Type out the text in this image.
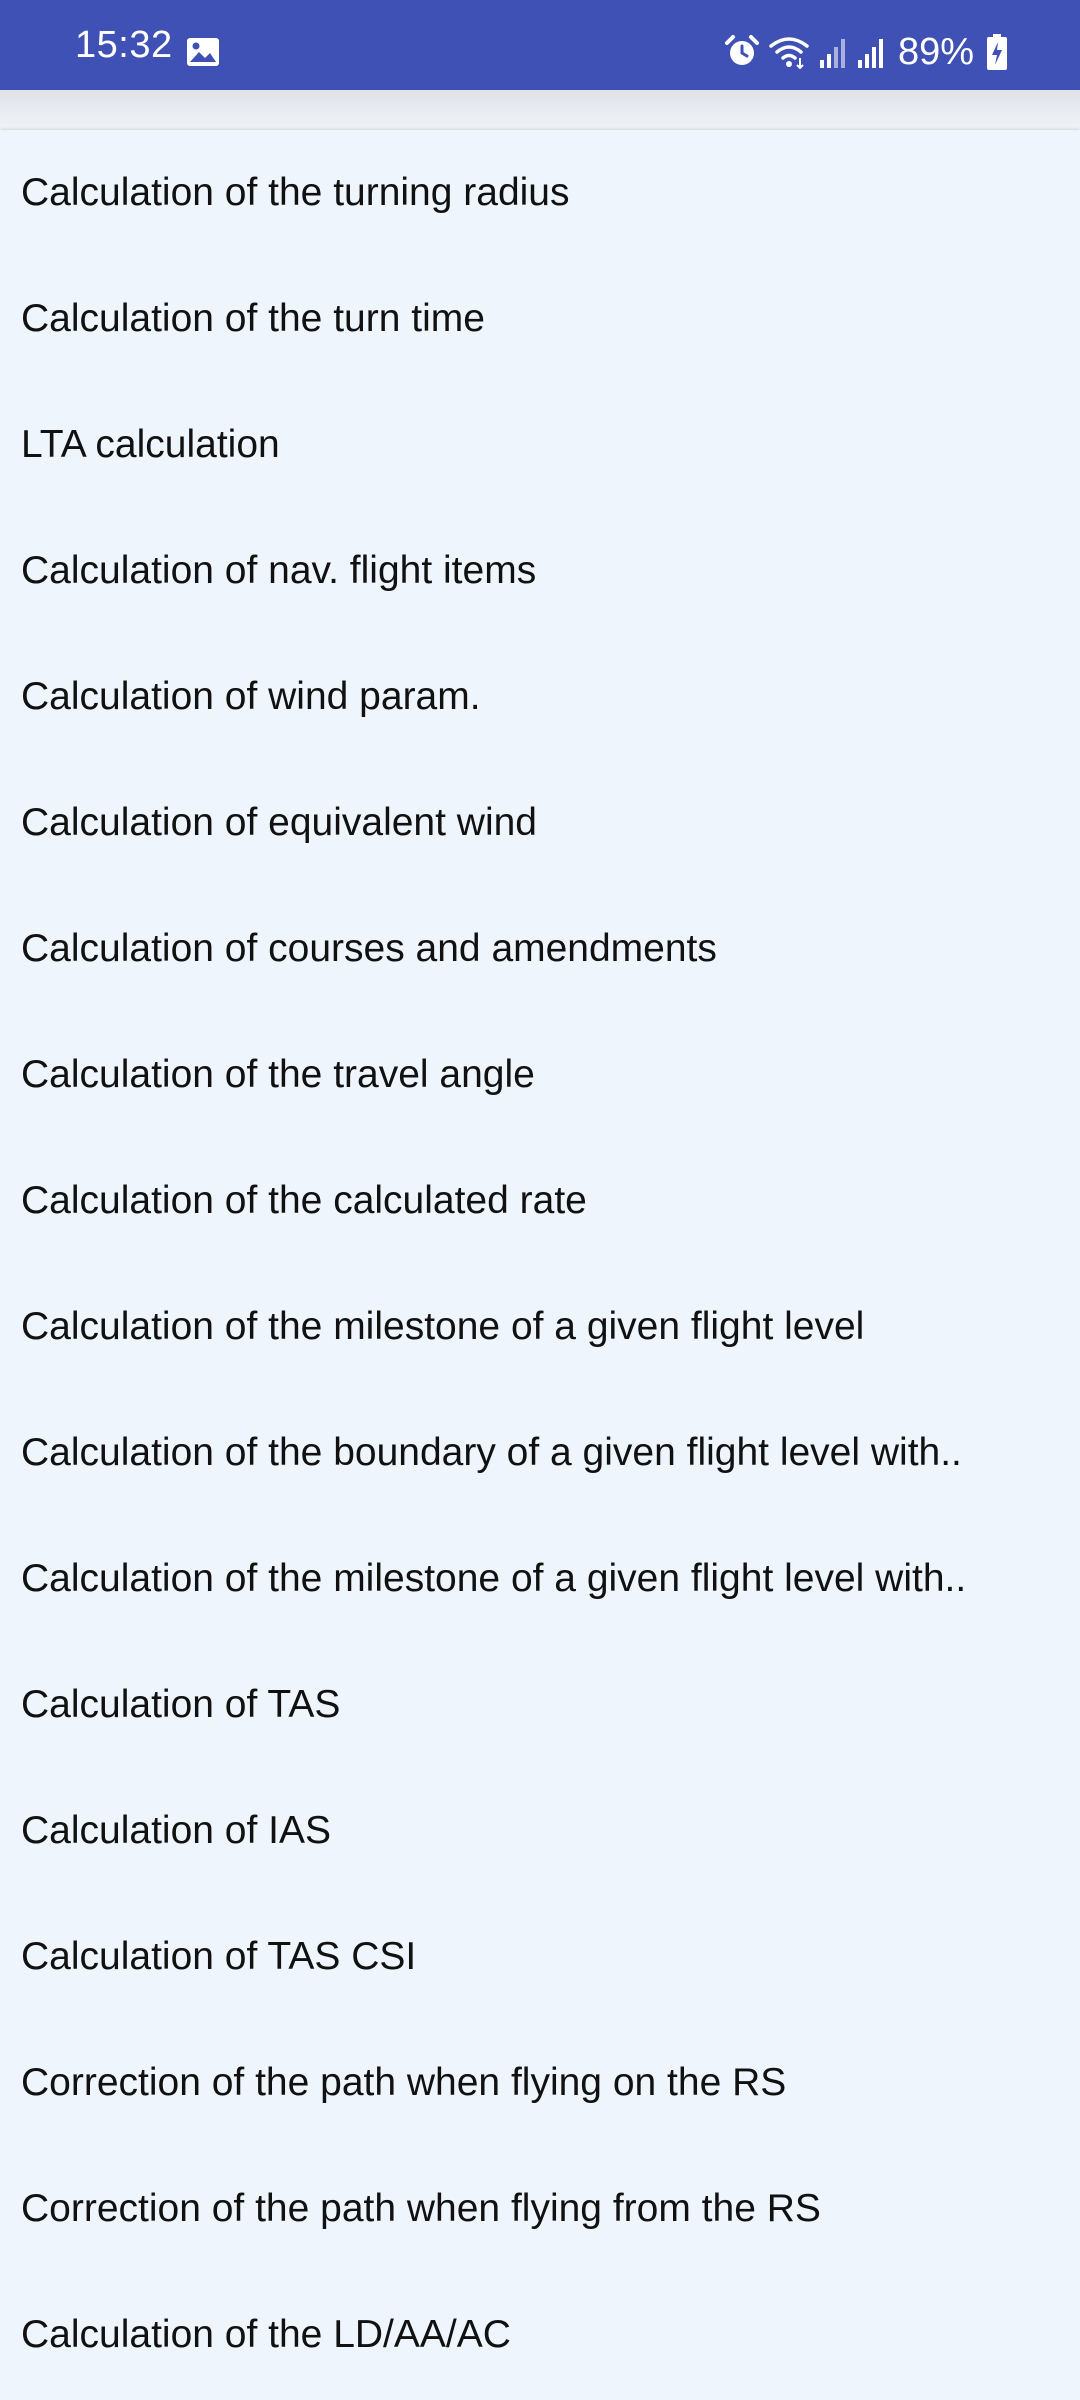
15:32	89%
Calculation of the turning radius
Calculation of the turn time
LTA calculation
Calculation of nav. flight items
Calculation of wind param.
Calculation of equivalent wind
Calculation of courses and amendments
Calculation of the travel angle
Calculation of the calculated rate
Calculation of the milestone of a given flight level
Calculation of the boundary of a given flight level with..
Calculation of the milestone of a given flight level with..
Calculation of TAS
Calculation of IAS
Calculation of TAS CSI
Correction of the path when flying on the RS
Correction of the path when flying from the RS
Calculation of the LD/AA/AC
